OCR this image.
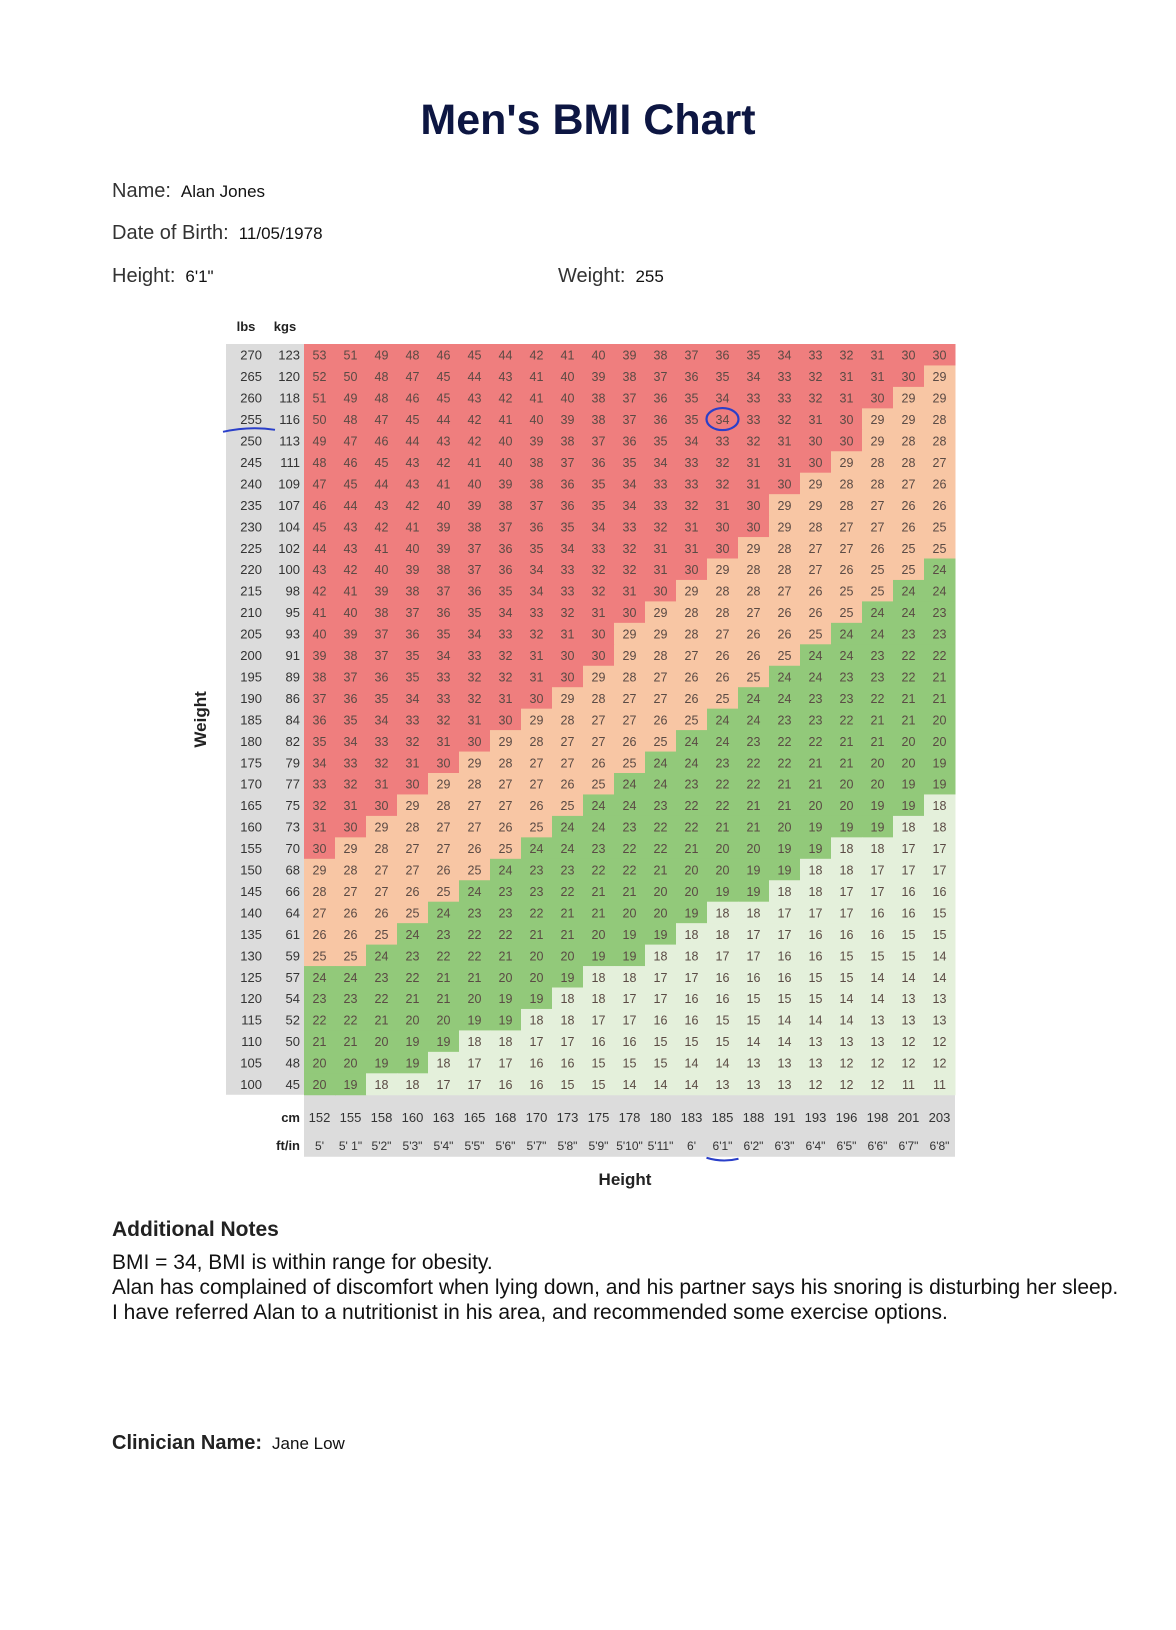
Men's BMI Chart
Name: Alan Jones
Date of Birth: 11/05/1978
Height: 6'1"	Weight: 255
lbs kgs
270 123 53 51 49 48 46 45 44 42 41 40 39 38 37 36 35 34 33 32 31 30 30
265 120 52 50 48 47 45 44 43 41 40 39 38 37 36 35 34 33 32 31 31 30 29
260 118 51 49 48 46 45 43 42 41 40 38 37 36 35 34 33 33 32 31 30 29 29
255 116 50 48 47 45 44 42 41 40 39 38 37 36 35 34 33 32 31 30 29 29 28
250 113 49 47 46 44 43 42 40 39 38 37 36 35 34 33 32 31 30 30 29 28 28
245 111 48 46 45 43 42 41 40 38 37 36 35 34 33 32 31 31 30 29 28 28 27
240 109 47 45 44 43 41 40 39 38 36 35 34 33 33 32 31 30 29 28 28 27 26
235 107 46 44 43 42 40 39 38 37 36 35 34 33 32 31 30 29 29 28 27 26 26
230 104 45 43 42 41 39 38 37 36 35 34 33 32 31 30 30 29 28 27 27 26 25
225 102 44 43 41 40 39 37 36 35 34 33 32 31 31 30 29 28 27 27 26 25 25
220 100 43 42 40 39 38 37 36 34 33 32 32 31 30 29 28 28 27 26 25 25 24
215 98 42 41 39 38 37 36 35 34 33 32 31 30 29 28 28 27 26 25 25 24 24
210 95 41 40 38 37 36 35 34 33 32 31 30 29 28 28 27 26 26 25 24 24 23
205 93 40 39 37 36 35 34 33 32 31 30 29 29 28 27 26 26 25 24 24 23 23
200 91 39 38 37 35 34 33 32 31 30 30 29 28 27 26 26 25 24 24 23 22 22
195 89 38 37 36 35 33 32 32 31 30 29 28 27 26 26 25 24 24 23 23 22 21
190 86 37 36 35 34 33 32 31 30 29 28 27 27 26 25 24 24 23 23 22 21 21
185 84 36 35 34 33 32 31 30 29 28 27 27 26 25 24 24 23 23 22 21 21 20
180 82 35 34 33 32 31 30 29 28 27 27 26 25 24 24 23 22 22 21 21 20 20
175 79 34 33 32 31 30 29 28 27 27 26 25 24 24 23 22 22 21 21 20 20 19
170 77 33 32 31 30 29 28 27 27 26 25 24 24 23 22 22 21 21 20 20 19 19
165 75 32 31 30 29 28 27 27 26 25 24 24 23 22 22 21 21 20 20 19 19 18
160 73 31 30 29 28 27 27 26 25 24 24 23 22 22 21 21 20 19 19 19 18 18
155 70 30 29 28 27 27 26 25 24 24 23 22 22 21 20 20 19 19 18 18 17 17
150 68 29 28 27 27 26 25 24 23 23 22 22 21 20 20 19 19 18 18 17 17 17
145 66 28 27 27 26 25 24 23 23 22 21 21 20 20 19 19 18 18 17 17 16 16
140 64 27 26 26 25 24 23 23 22 21 21 20 20 19 18 18 17 17 17 16 16 15
135 61 26 26 25 24 23 22 22 21 21 20 19 19 18 18 17 17 16 16 16 15 15
130 59 25 25 24 23 22 22 21 20 20 19 19 18 18 17 17 16 16 15 15 15 14
125 57 24 24 23 22 21 21 20 20 19 18 18 17 17 16 16 16 15 15 14 14 14
120 54 23 23 22 21 21 20 19 19 18 18 17 17 16 16 15 15 15 14 14 13 13
115 52 22 22 21 20 20 19 19 18 18 17 17 16 16 15 15 14 14 14 13 13 13
110 50 21 21 20 19 19 18 18 17 17 16 16 15 15 15 14 14 13 13 13 12 12
105 48 20 20 19 19 18 17 17 16 16 15 15 15 14 14 13 13 13 12 12 12 12
100 45 20 19 18 18 17 17 16 16 15 15 14 14 14 13 13 13 12 12 12 11 11
cm
ft/in
152
5'
155
5' 1"
158
5'2"
160
5'3"
163
5'4"
165
5'5"
168
5'6"
170
5'7"
173
5'8"
175
5'9"
178
5'10"
180
5'11"
183
6'
185
6'1"
188
6'2"
191
6'3"
193
6'4"
196
6'5"
198
6'6"
201
6'7"
203
6'8"
Height
Weight
Additional Notes
BMI = 34, BMI is within range for obesity.
Alan has complained of discomfort when lying down, and his partner says his snoring is disturbing her sleep.
I have referred Alan to a nutritionist in his area, and recommended some exercise options.
Clinician Name: Jane Low
